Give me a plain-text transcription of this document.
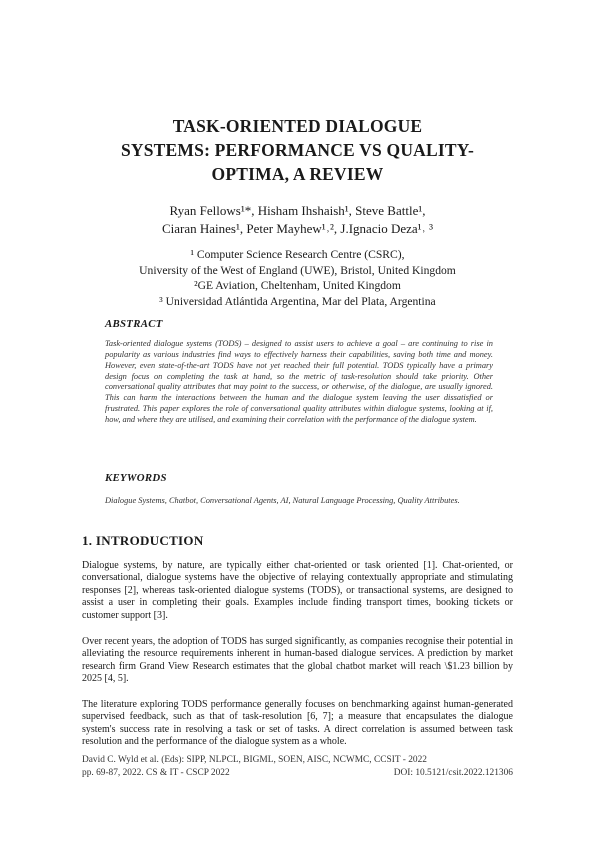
TASK-ORIENTED DIALOGUE
SYSTEMS: PERFORMANCE VS QUALITY-
OPTIMA, A REVIEW
Ryan Fellows¹*, Hisham Ihshaish¹, Steve Battle¹,
Ciaran Haines¹, Peter Mayhew¹˒², J.Ignacio Deza¹˒ ³
¹ Computer Science Research Centre (CSRC),
University of the West of England (UWE), Bristol, United Kingdom
²GE Aviation, Cheltenham, United Kingdom
³ Universidad Atlántida Argentina, Mar del Plata, Argentina
ABSTRACT
Task-oriented dialogue systems (TODS) – designed to assist users to achieve a goal – are continuing to rise in popularity as various industries find ways to effectively harness their capabilities, saving both time and money. However, even state-of-the-art TODS have not yet reached their full potential. TODS typically have a primary design focus on completing the task at hand, so the metric of task-resolution should take priority. Other conversational quality attributes that may point to the success, or otherwise, of the dialogue, are usually ignored. This can harm the interactions between the human and the dialogue system leaving the user dissatisfied or frustrated. This paper explores the role of conversational quality attributes within dialogue systems, looking at if, how, and where they are utilised, and examining their correlation with the performance of the dialogue system.
KEYWORDS
Dialogue Systems, Chatbot, Conversational Agents, AI, Natural Language Processing, Quality Attributes.
1. INTRODUCTION
Dialogue systems, by nature, are typically either chat-oriented or task oriented [1]. Chat-oriented, or conversational, dialogue systems have the objective of relaying contextually appropriate and stimulating responses [2], whereas task-oriented dialogue systems (TODS), or transactional systems, are designed to assist a user in completing their goals. Examples include finding transport times, booking tickets or customer support [3].
Over recent years, the adoption of TODS has surged significantly, as companies recognise their potential in alleviating the resource requirements inherent in human-based dialogue services. A prediction by market research firm Grand View Research estimates that the global chatbot market will reach \$1.23 billion by 2025 [4, 5].
The literature exploring TODS performance generally focuses on benchmarking against human-generated supervised feedback, such as that of task-resolution [6, 7]; a measure that encapsulates the dialogue system's success rate in resolving a task or set of tasks. A direct correlation is assumed between task resolution and the performance of the dialogue system as a whole.
David C. Wyld et al. (Eds): SIPP, NLPCL, BIGML, SOEN, AISC, NCWMC, CCSIT - 2022
pp. 69-87, 2022. CS & IT - CSCP 2022	DOI: 10.5121/csit.2022.121306
